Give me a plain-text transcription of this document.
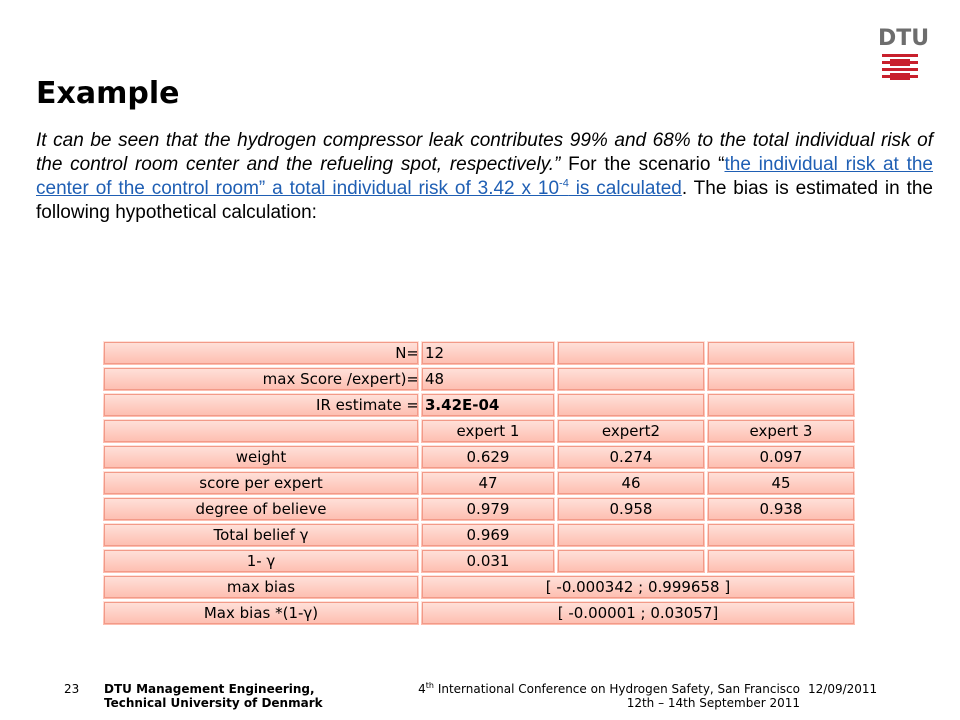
DTU
Example

It can be seen that the hydrogen compressor leak contributes 99% and 68% to the total individual risk of the control room center and the refueling spot, respectively.” For the scenario “the individual risk at the center of the control room” a total individual risk of 3.42 x $10^{-4}$ is calculated. The bias is estimated in the following hypothetical calculation:

N=	12		
max Score /expert)=	48		
IR estimate =	3.42E-04		
	expert 1	expert2	expert 3
weight	0.629	0.274	0.097
score per expert	47	46	45
degree of believe	0.979	0.958	0.938
Total belief γ	0.969		
1- γ	0.031		
max bias	[ -0.000342 ; 0.999658 ]		
Max bias *(1-γ)	[ -0.00001 ; 0.03057]		
23 DTU Management Engineering,
Technical University of Denmark
4th International Conference on Hydrogen Safety, San Francisco
12th – 14th September 2011
12/09/2011
